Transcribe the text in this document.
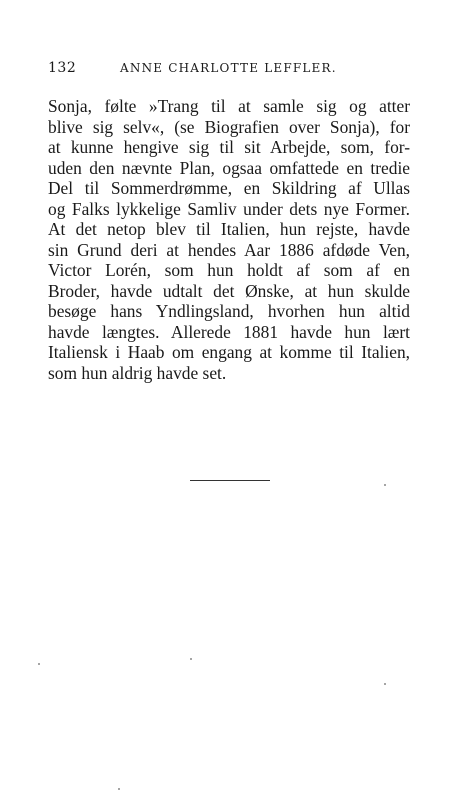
132	ANNE CHARLOTTE LEFFLER.
Sonja, følte »Trang til at samle sig og atter
blive sig selv«, (se Biografien over Sonja), for
at kunne hengive sig til sit Arbejde, som, for-
uden den nævnte Plan, ogsaa omfattede en tredie
Del til Sommerdrømme, en Skildring af Ullas
og Falks lykkelige Samliv under dets nye Former.
At det netop blev til Italien, hun rejste, havde
sin Grund deri at hendes Aar 1886 afdøde Ven,
Victor Lorén, som hun holdt af som af en
Broder, havde udtalt det Ønske, at hun skulde
besøge hans Yndlingsland, hvorhen hun altid
havde længtes. Allerede 1881 havde hun lært
Italiensk i Haab om engang at komme til Italien,
som hun aldrig havde set.
